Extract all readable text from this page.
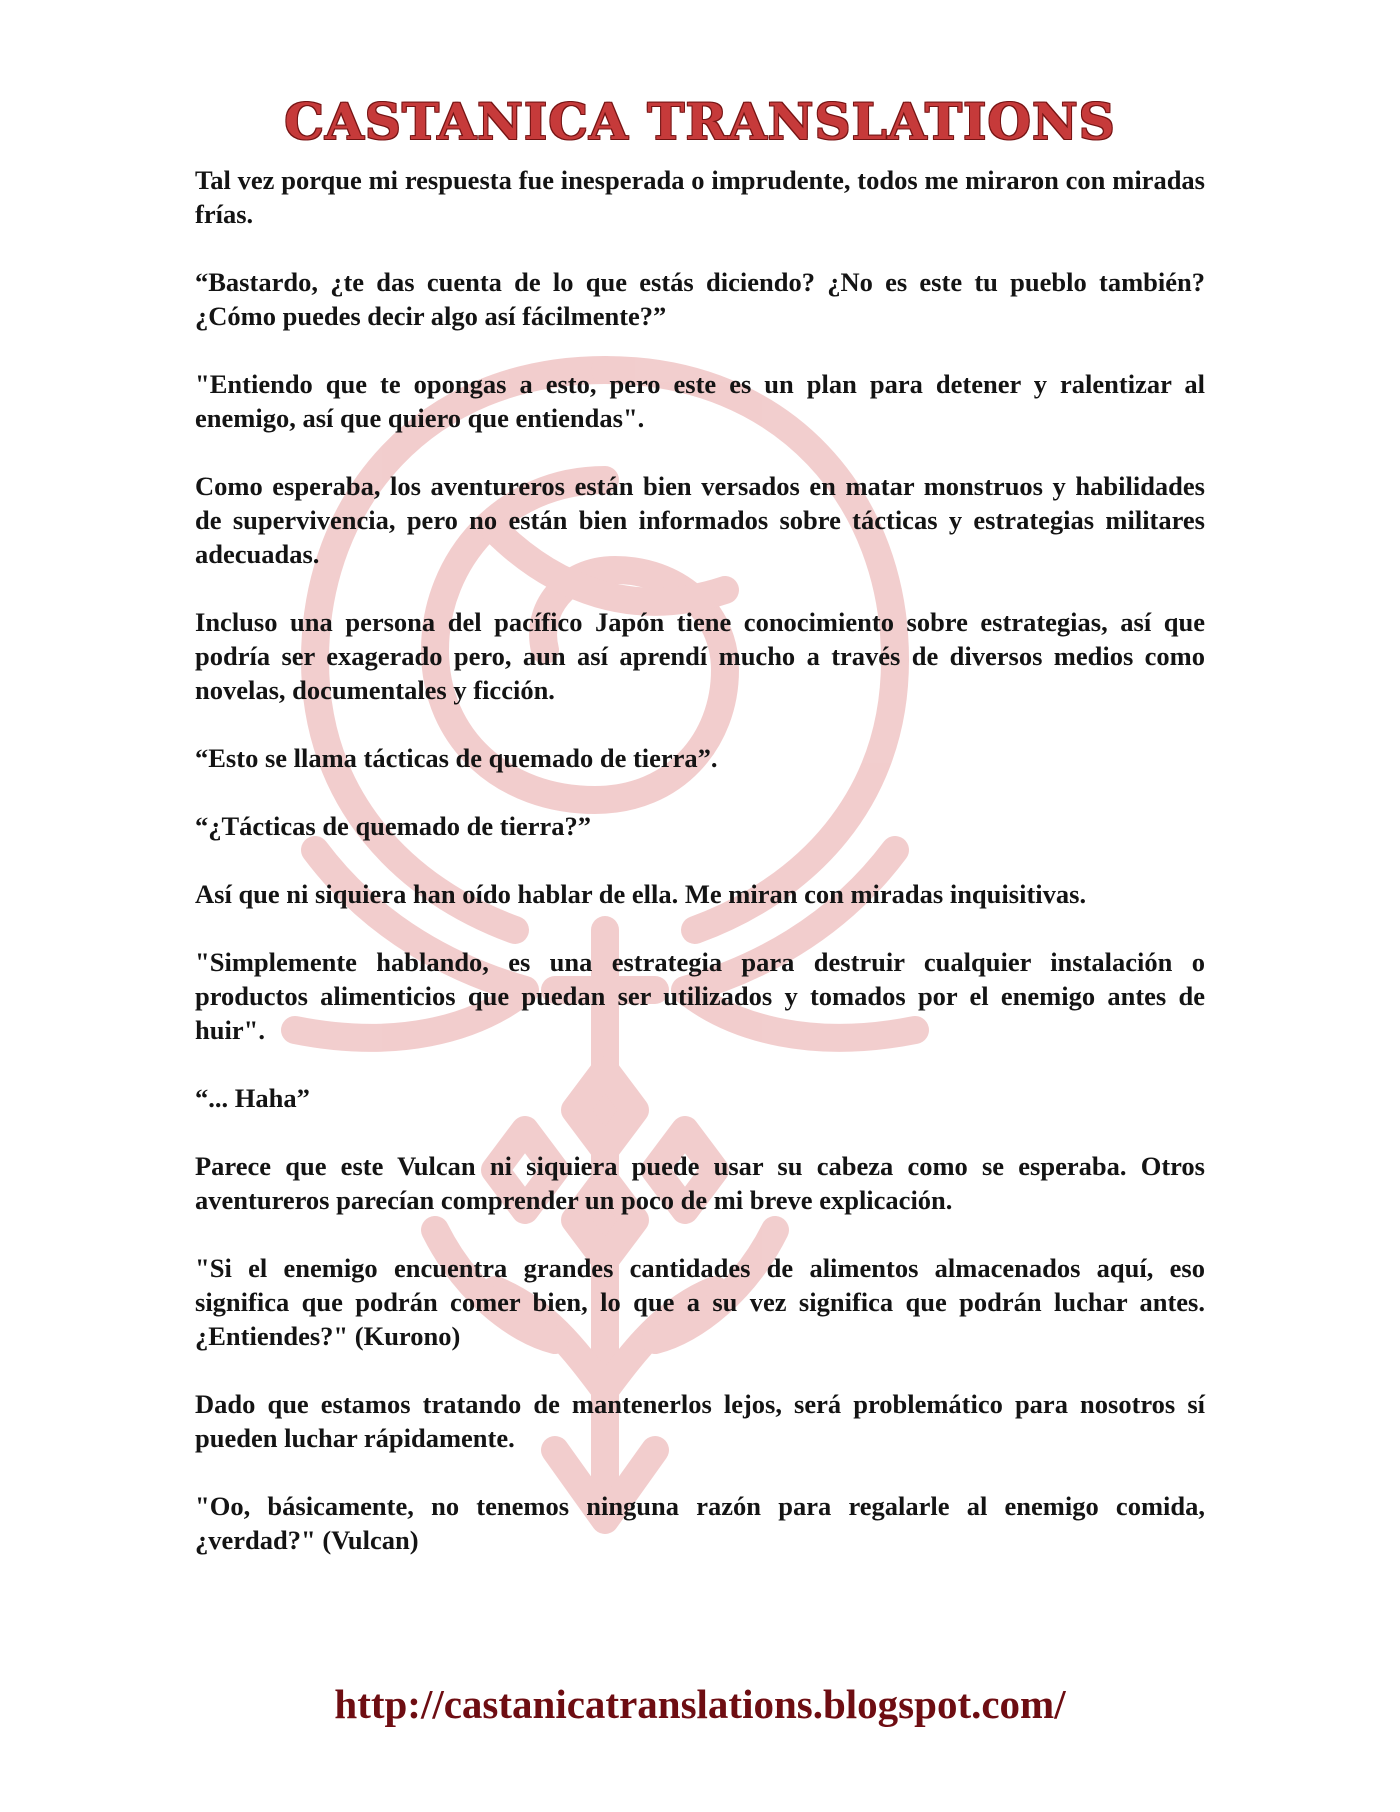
CASTANICA TRANSLATIONS

Tal vez porque mi respuesta fue inesperada o imprudente, todos me miraron con miradas frías.

“Bastardo, ¿te das cuenta de lo que estás diciendo? ¿No es este tu pueblo también? ¿Cómo puedes decir algo así fácilmente?”

"Entiendo que te opongas a esto, pero este es un plan para detener y ralentizar al enemigo, así que quiero que entiendas".

Como esperaba, los aventureros están bien versados en matar monstruos y habilidades de supervivencia, pero no están bien informados sobre tácticas y estrategias militares adecuadas.

Incluso una persona del pacífico Japón tiene conocimiento sobre estrategias, así que podría ser exagerado pero, aun así aprendí mucho a través de diversos medios como novelas, documentales y ficción.

“Esto se llama tácticas de quemado de tierra”.

“¿Tácticas de quemado de tierra?”

Así que ni siquiera han oído hablar de ella. Me miran con miradas inquisitivas.

"Simplemente hablando, es una estrategia para destruir cualquier instalación o productos alimenticios que puedan ser utilizados y tomados por el enemigo antes de huir".

“... Haha”

Parece que este Vulcan ni siquiera puede usar su cabeza como se esperaba. Otros aventureros parecían comprender un poco de mi breve explicación.

"Si el enemigo encuentra grandes cantidades de alimentos almacenados aquí, eso significa que podrán comer bien, lo que a su vez significa que podrán luchar antes. ¿Entiendes?" (Kurono)

Dado que estamos tratando de mantenerlos lejos, será problemático para nosotros sí pueden luchar rápidamente.

"Oo, básicamente, no tenemos ninguna razón para regalarle al enemigo comida, ¿verdad?" (Vulcan)

http://castanicatranslations.blogspot.com/
